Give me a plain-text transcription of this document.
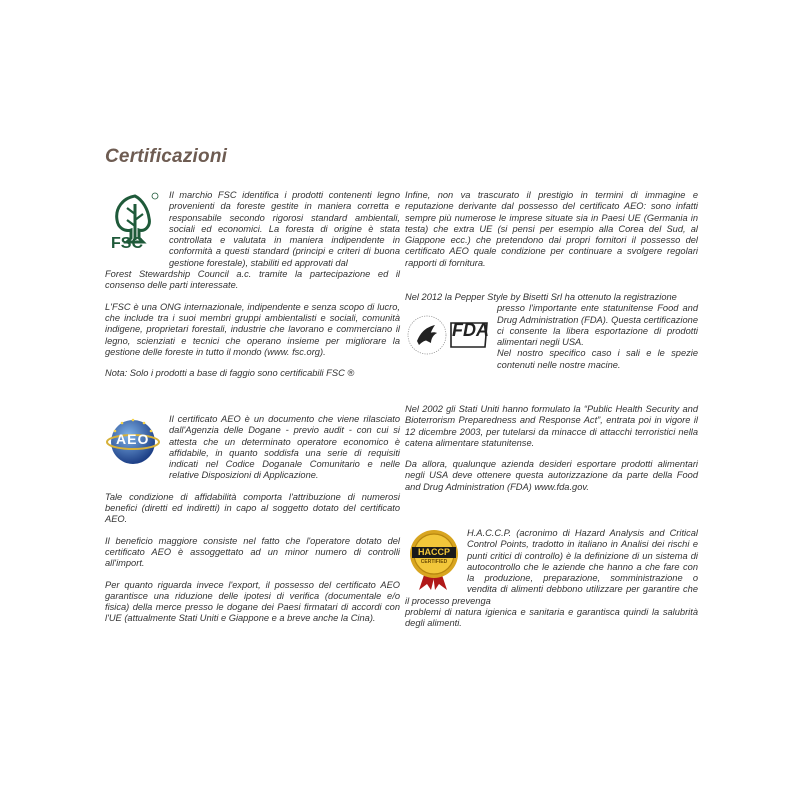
Certificazioni
FSC

Il marchio FSC identifica i prodotti contenenti legno provenienti da foreste gestite in maniera corretta e responsabile secondo rigorosi standard ambientali, sociali ed economici. La foresta di origine è stata controllata e valutata in maniera indipendente in conformità a questi standard (principi e criteri di buona gestione forestale), stabiliti ed approvati dal

Forest Stewardship Council a.c. tramite la partecipazione ed il consenso delle parti interessate.

L'FSC è una ONG internazionale, indipendente e senza scopo di lucro, che include tra i suoi membri gruppi ambientalisti e sociali, comunità indigene, proprietari forestali, industrie che lavorano e commerciano il legno, scienziati e tecnici che operano insieme per migliorare la gestione delle foreste in tutto il mondo (www. fsc.org).

Nota: Solo i prodotti a base di faggio sono certificabili FSC ®

AEO

Il certificato AEO è un documento che viene rilasciato dall'Agenzia delle Dogane - previo audit - con cui si attesta che un determinato operatore economico è affidabile, in quanto soddisfa una serie di requisiti indicati nel Codice Doganale Comunitario e nelle relative Disposizioni di Applicazione.

Tale condizione di affidabilità comporta l'attribuzione di numerosi benefici (diretti ed indiretti) in capo al soggetto dotato del certificato AEO.

Il beneficio maggiore consiste nel fatto che l'operatore dotato del certificato AEO è assoggettato ad un minor numero di controlli all'import.

Per quanto riguarda invece l'export, il possesso del certificato AEO garantisce una riduzione delle ipotesi di verifica (documentale e/o fisica) della merce presso le dogane dei Paesi firmatari di accordi con l'UE (attualmente Stati Uniti e Giappone e a breve anche la Cina).

Infine, non va trascurato il prestigio in termini di immagine e reputazione derivante dal possesso del certificato AEO: sono infatti sempre più numerose le imprese situate sia in Paesi UE (Germania in testa) che extra UE (si pensi per esempio alla Corea del Sud, al Giappone ecc.) che pretendono dai propri fornitori il possesso del certificato AEO quale condizione per continuare a svolgere regolari rapporti di fornitura.

Nel 2012 la Pepper Style by Bisetti Srl ha ottenuto la registrazione

FDA

presso l'importante ente statunitense Food and Drug Administration (FDA). Questa certificazione ci consente la libera esportazione di prodotti alimentari negli USA.

Nel nostro specifico caso i sali e le spezie contenuti nelle nostre macine.

Nel 2002 gli Stati Uniti hanno formulato la “Public Health Security and Bioterrorism Preparedness and Response Act”, entrata poi in vigore il 12 dicembre 2003, per tutelarsi da minacce di attacchi terroristici nella catena alimentare statunitense.

Da allora, qualunque azienda desideri esportare prodotti alimentari negli USA deve ottenere questa autorizzazione da parte della Food and Drug Administration (FDA) www.fda.gov.

HACCP
CERTIFIED

H.A.C.C.P. (acronimo di Hazard Analysis and Critical Control Points, tradotto in italiano in Analisi dei rischi e punti critici di controllo) è la definizione di un sistema di autocontrollo che le aziende che hanno a che fare con la produzione, preparazione, somministrazione o vendita di alimenti debbono utilizzare per garantire che il processo prevenga

problemi di natura igienica e sanitaria e garantisca quindi la salubrità degli alimenti.
